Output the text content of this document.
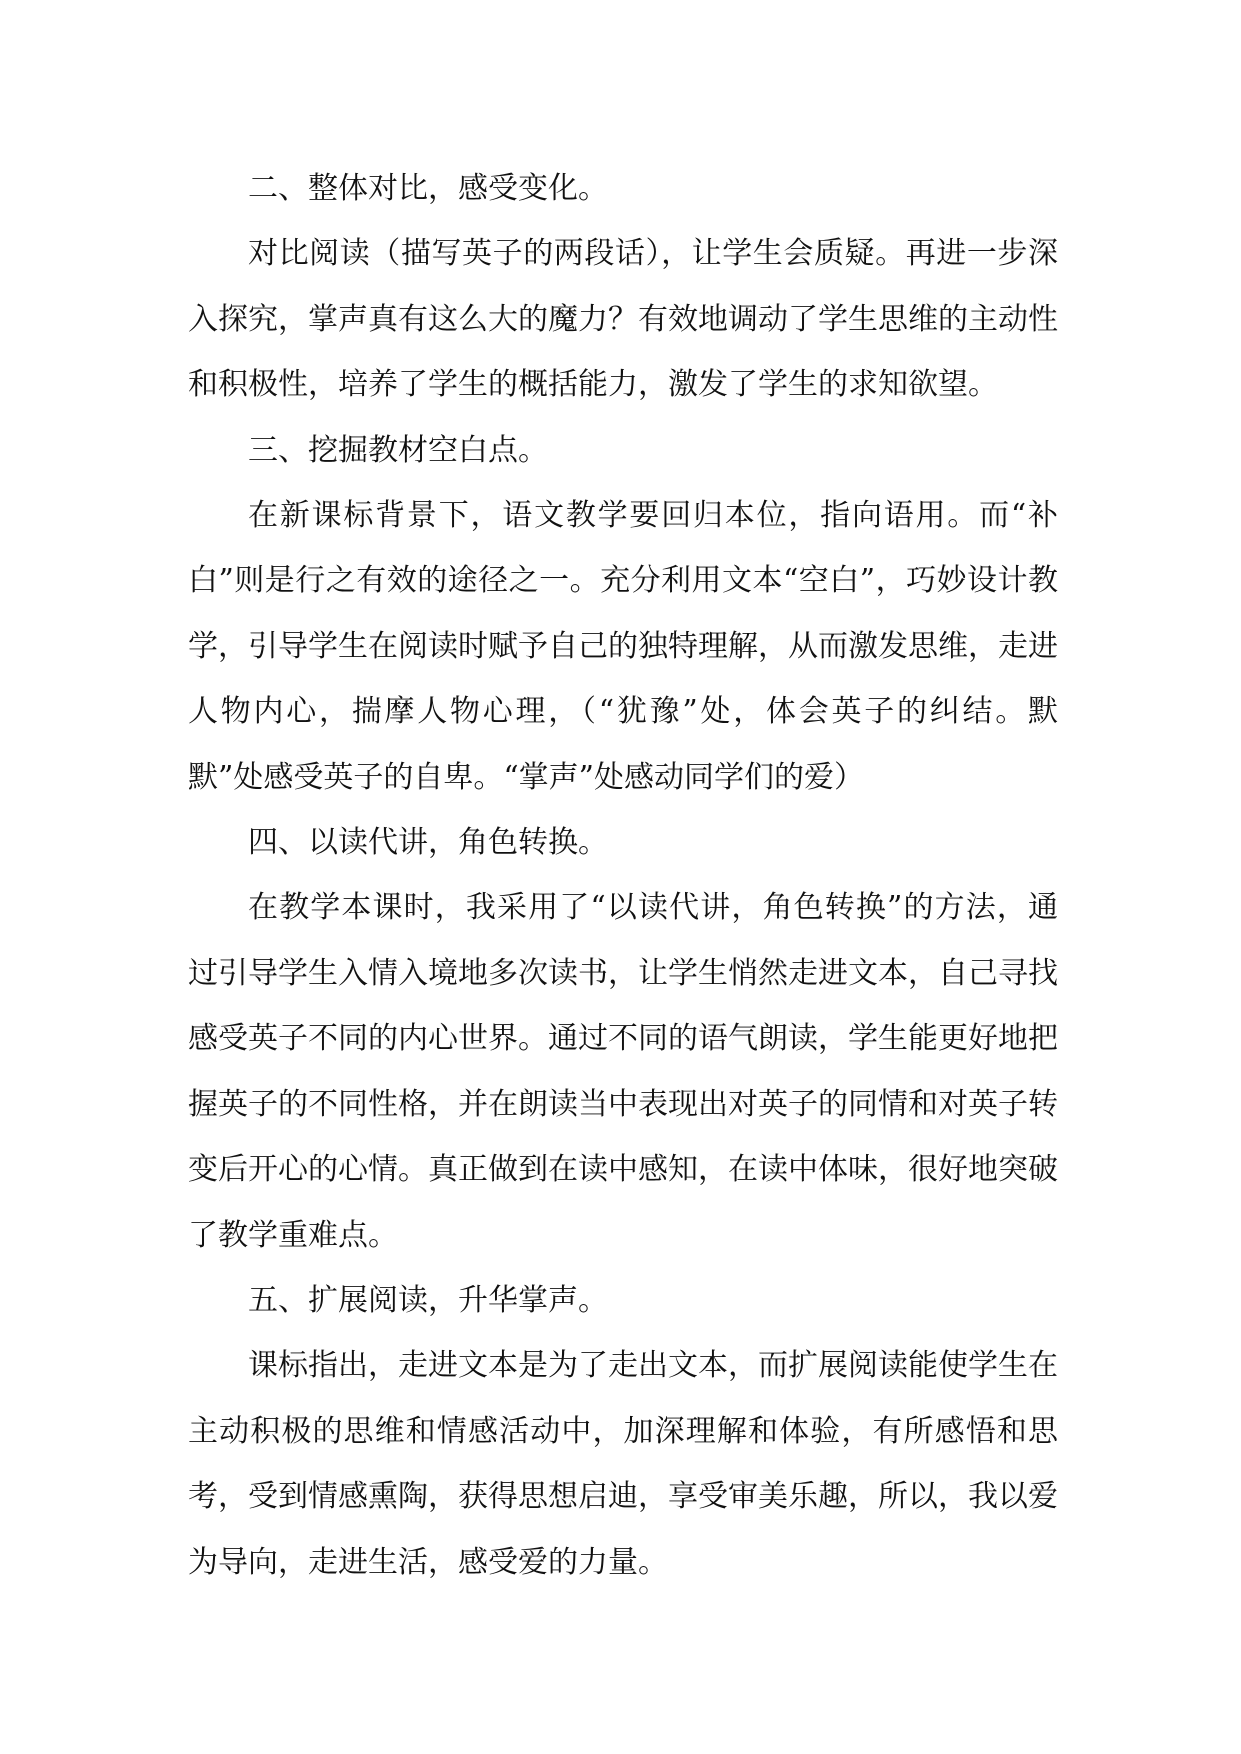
二、整体对比，感受变化。

对比阅读（描写英子的两段话），让学生会质疑。再进一步深入探究，掌声真有这么大的魔力？有效地调动了学生思维的主动性和积极性，培养了学生的概括能力，激发了学生的求知欲望。

三、挖掘教材空白点。

在新课标背景下，语文教学要回归本位，指向语用。而“补白”则是行之有效的途径之一。充分利用文本“空白”，巧妙设计教学，引导学生在阅读时赋予自己的独特理解，从而激发思维，走进人物内心，揣摩人物心理，（“犹豫”处，体会英子的纠结。默默”处感受英子的自卑。“掌声”处感动同学们的爱）

四、以读代讲，角色转换。

在教学本课时，我采用了“以读代讲，角色转换”的方法，通过引导学生入情入境地多次读书，让学生悄然走进文本，自己寻找感受英子不同的内心世界。通过不同的语气朗读，学生能更好地把握英子的不同性格，并在朗读当中表现出对英子的同情和对英子转变后开心的心情。真正做到在读中感知，在读中体味，很好地突破了教学重难点。

五、扩展阅读，升华掌声。

课标指出，走进文本是为了走出文本，而扩展阅读能使学生在主动积极的思维和情感活动中，加深理解和体验，有所感悟和思考，受到情感熏陶，获得思想启迪，享受审美乐趣，所以，我以爱为导向，走进生活，感受爱的力量。
